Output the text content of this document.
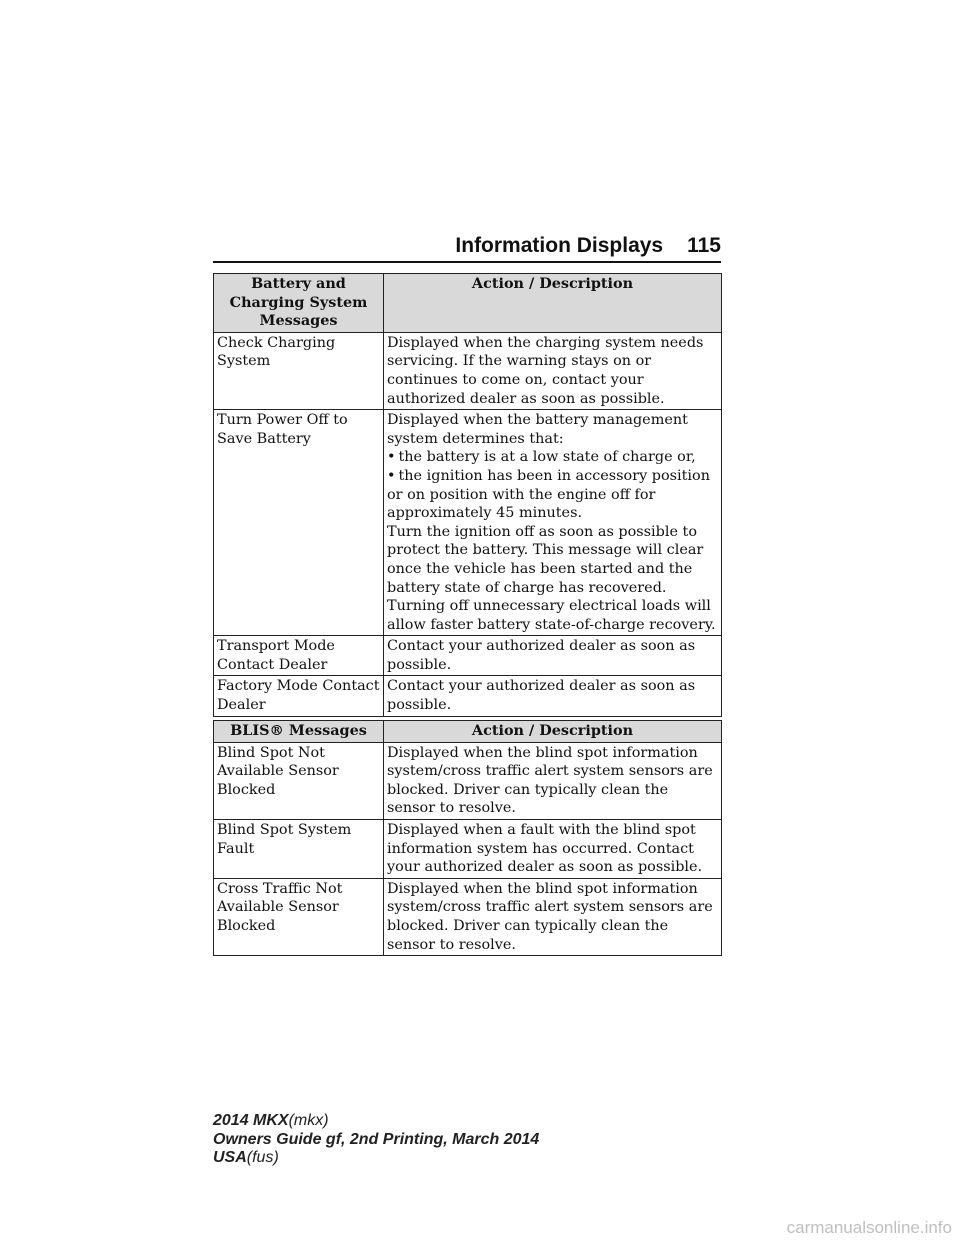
Information Displays 115
Battery and Charging System Messages	Action / Description
Check Charging System	Displayed when the charging system needs servicing. If the warning stays on or continues to come on, contact your authorized dealer as soon as possible.
Turn Power Off to Save Battery	Displayed when the battery management system determines that:
• the battery is at a low state of charge or,
• the ignition has been in accessory position or on position with the engine off for approximately 45 minutes.
Turn the ignition off as soon as possible to protect the battery. This message will clear once the vehicle has been started and the battery state of charge has recovered. Turning off unnecessary electrical loads will allow faster battery state-of-charge recovery.

Transport Mode Contact Dealer	Contact your authorized dealer as soon as possible.
Factory Mode Contact Dealer	Contact your authorized dealer as soon as possible.
BLIS® Messages	Action / Description
Blind Spot Not Available Sensor Blocked	Displayed when the blind spot information system/cross traffic alert system sensors are blocked. Driver can typically clean the sensor to resolve.
Blind Spot System Fault	Displayed when a fault with the blind spot information system has occurred. Contact your authorized dealer as soon as possible.
Cross Traffic Not Available Sensor Blocked	Displayed when the blind spot information system/cross traffic alert system sensors are blocked. Driver can typically clean the sensor to resolve.
2014 MKX(mkx)
Owners Guide gf, 2nd Printing, March 2014
USA(fus)
carmanualsonline.info
